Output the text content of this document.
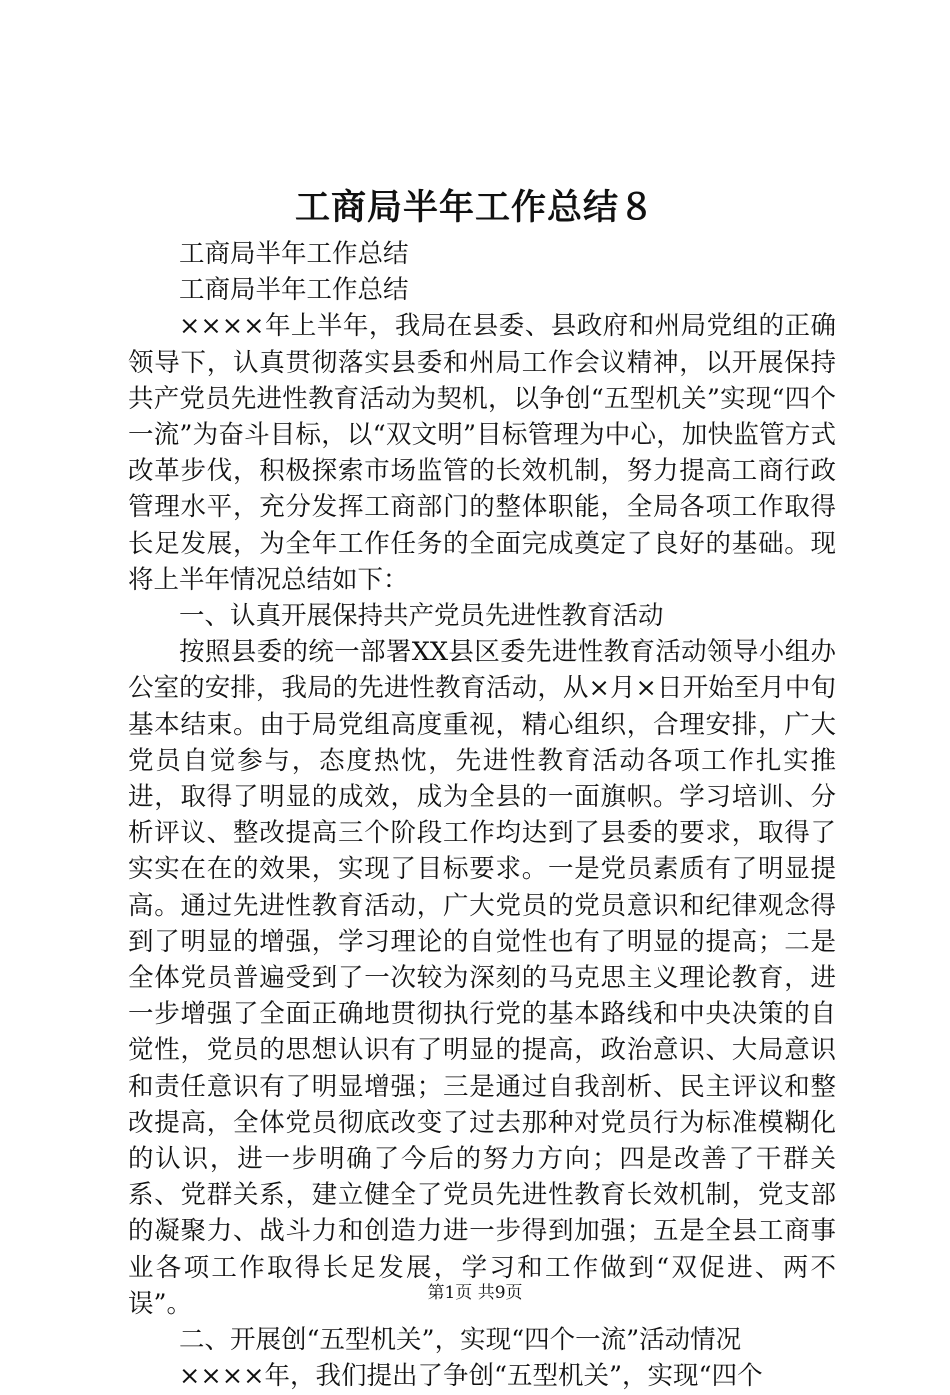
工商局半年工作总结８

工商局半年工作总结

工商局半年工作总结

××××年上半年，我局在县委、县政府和州局党组的正确领导下，认真贯彻落实县委和州局工作会议精神，以开展保持共产党员先进性教育活动为契机，以争创“五型机关”实现“四个一流”为奋斗目标，以“双文明”目标管理为中心，加快监管方式改革步伐，积极探索市场监管的长效机制，努力提高工商行政管理水平，充分发挥工商部门的整体职能，全局各项工作取得长足发展，为全年工作任务的全面完成奠定了良好的基础。现将上半年情况总结如下：

一、认真开展保持共产党员先进性教育活动

按照县委的统一部署XX县区委先进性教育活动领导小组办公室的安排，我局的先进性教育活动，从×月×日开始至月中旬基本结束。由于局党组高度重视，精心组织，合理安排，广大党员自觉参与，态度热忱，先进性教育活动各项工作扎实推进，取得了明显的成效，成为全县的一面旗帜。学习培训、分析评议、整改提高三个阶段工作均达到了县委的要求，取得了实实在在的效果，实现了目标要求。一是党员素质有了明显提高。通过先进性教育活动，广大党员的党员意识和纪律观念得到了明显的增强，学习理论的自觉性也有了明显的提高；二是全体党员普遍受到了一次较为深刻的马克思主义理论教育，进一步增强了全面正确地贯彻执行党的基本路线和中央决策的自觉性，党员的思想认识有了明显的提高，政治意识、大局意识和责任意识有了明显增强；三是通过自我剖析、民主评议和整改提高，全体党员彻底改变了过去那种对党员行为标准模糊化的认识，进一步明确了今后的努力方向；四是改善了干群关系、党群关系，建立健全了党员先进性教育长效机制，党支部的凝聚力、战斗力和创造力进一步得到加强；五是全县工商事业各项工作取得长足发展，学习和工作做到“双促进、两不误”。

二、开展创“五型机关”，实现“四个一流”活动情况

××××年，我们提出了争创“五型机关”，实现“四个

第1页 共9页
